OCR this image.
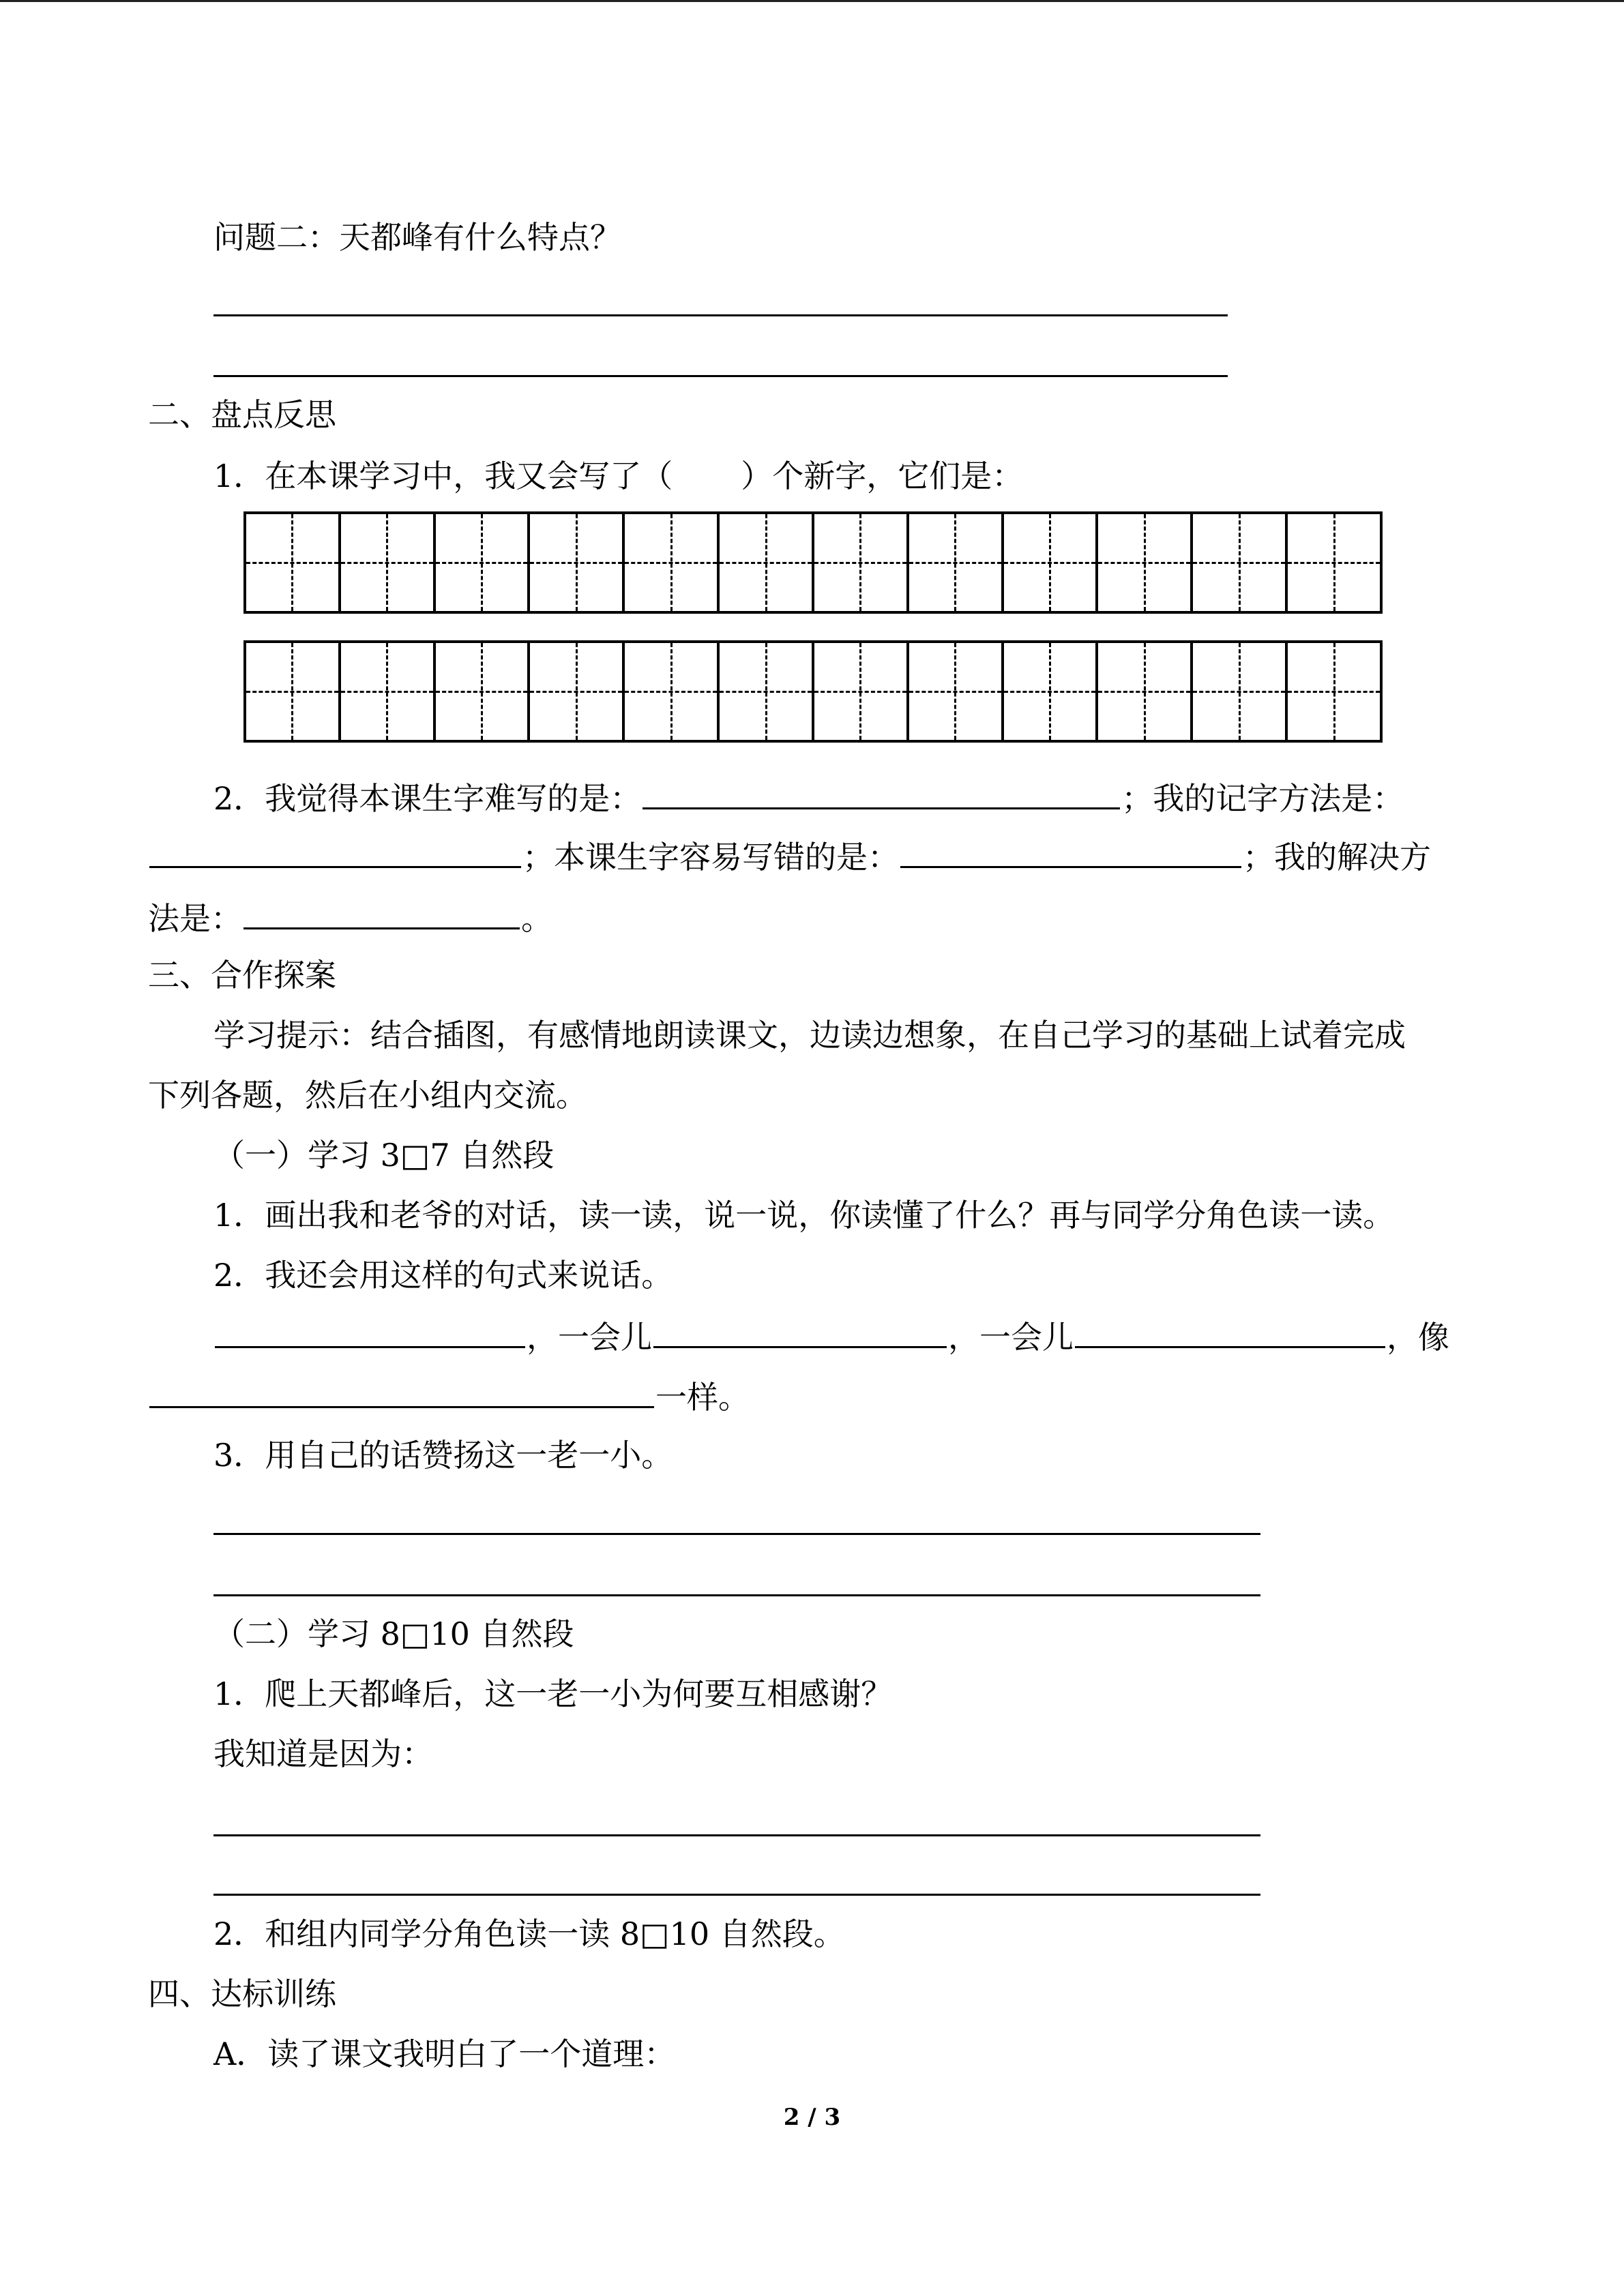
问题二：天都峰有什么特点？
二、盘点反思
1．在本课学习中，我又会写了（ ）个新字，它们是：
2．我觉得本课生字难写的是：	；我的记字方法是：
；本课生字容易写错的是：	；我的解决方
法是：	。
三、合作探案
学习提示：结合插图，有感情地朗读课文，边读边想象，在自己学习的基础上试着完成
下列各题，然后在小组内交流。
（一）学习 3□7 自然段
1．画出我和老爷的对话，读一读，说一说，你读懂了什么？再与同学分角色读一读。
2．我还会用这样的句式来说话。
，一会儿	，一会儿	，像
一样。
3．用自己的话赞扬这一老一小。
（二）学习 8□10 自然段
1．爬上天都峰后，这一老一小为何要互相感谢？
我知道是因为：
2．和组内同学分角色读一读 8□10 自然段。
四、达标训练
A．读了课文我明白了一个道理：
2 / 3
